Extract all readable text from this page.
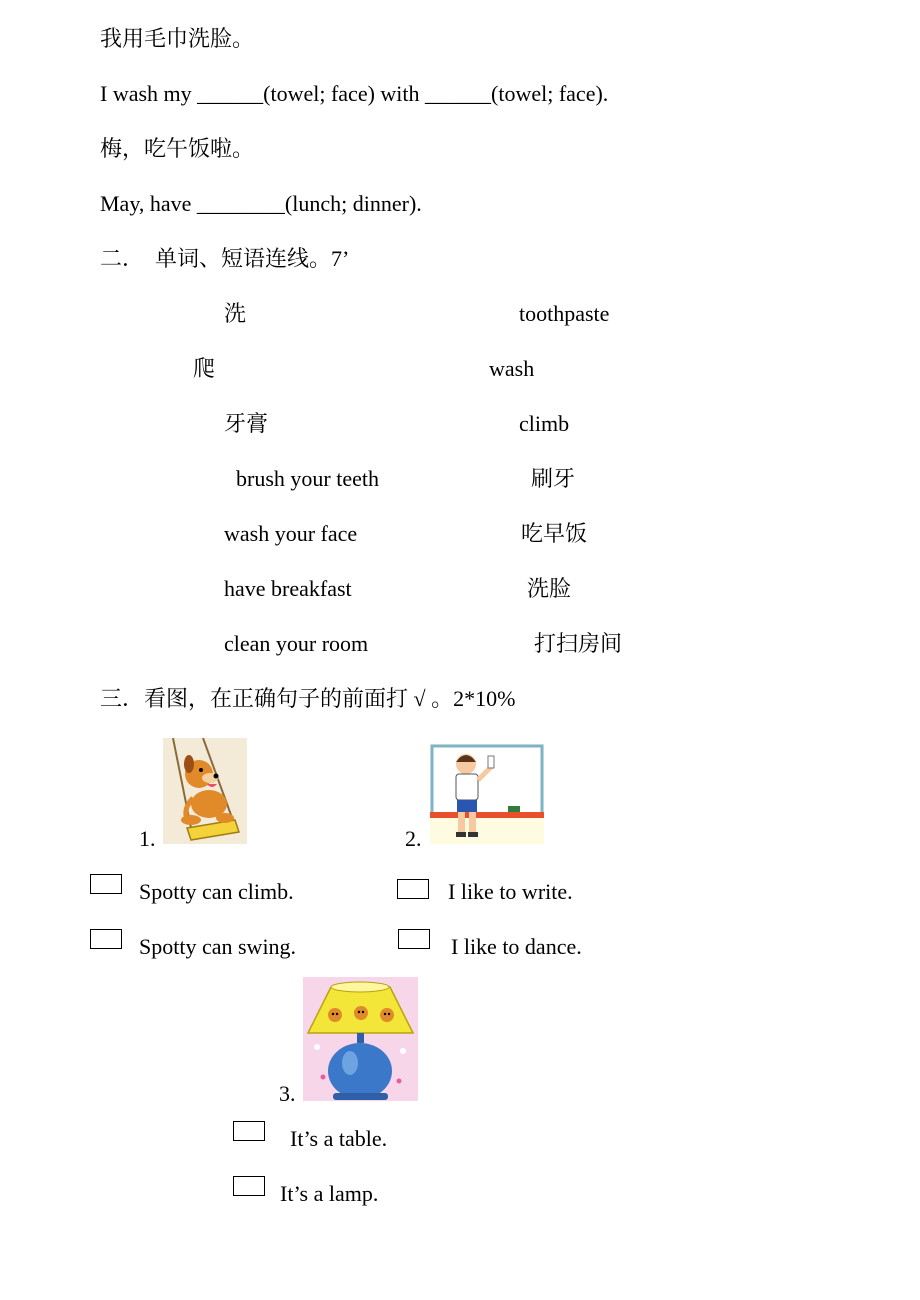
我用毛巾洗脸。
I wash my ______(towel; face) with ______(towel; face).
梅，吃午饭啦。
May, have ________(lunch; dinner).
二．  单词、短语连线。7’
洗	toothpaste
爬	wash
牙膏	climb
brush your teeth	刷牙
wash your face	吃早饭
have breakfast	洗脸
clean your room	打扫房间
三．看图，在正确句子的前面打 √ 。2*10%
1.	2.
Spotty can climb.	I like to write.
Spotty can swing.	I like to dance.
3.
It’s a table.
It’s a lamp.
